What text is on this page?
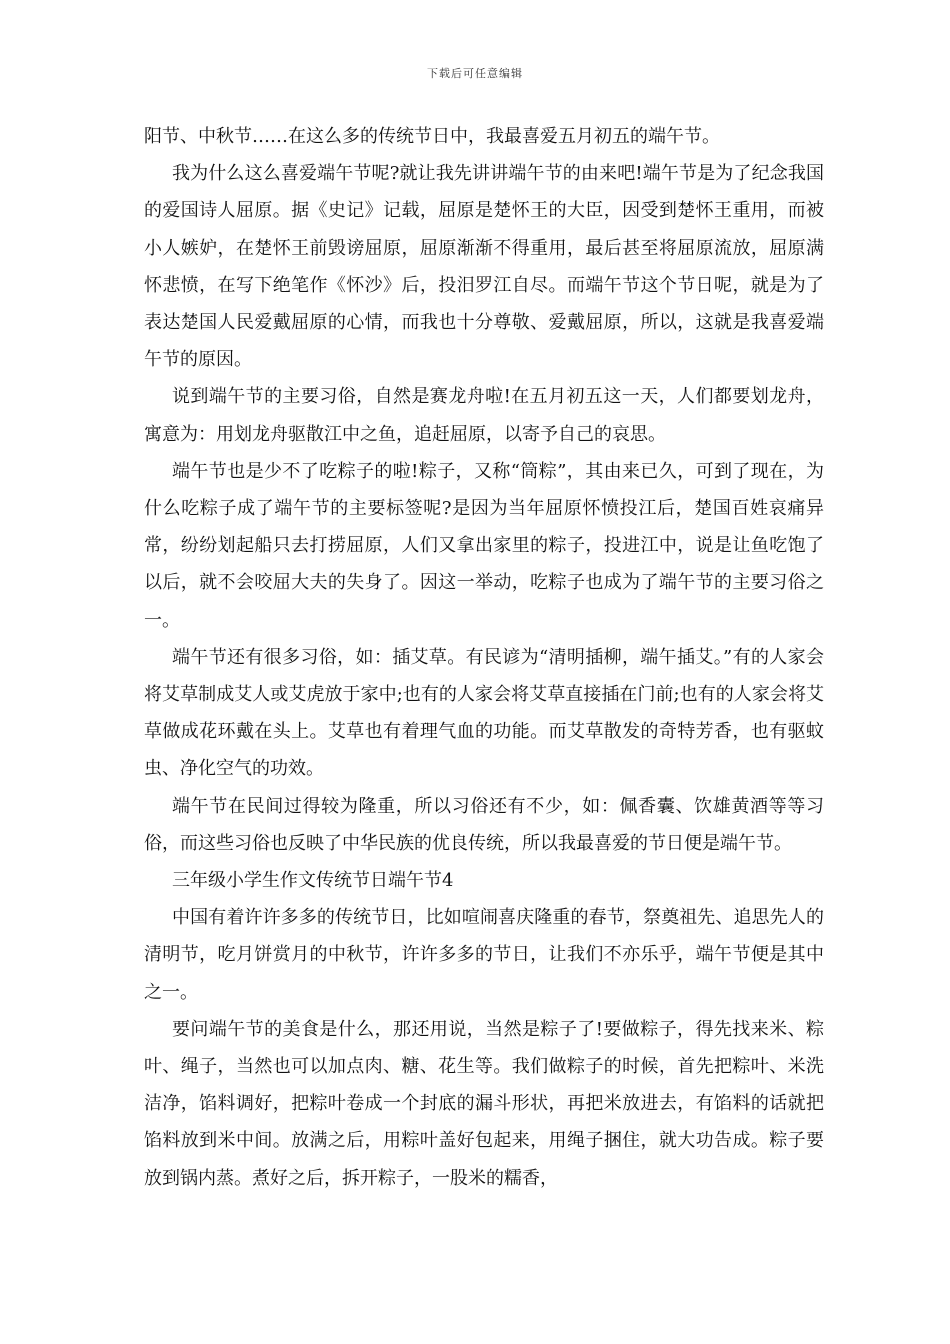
下载后可任意编辑

阳节、中秋节……在这么多的传统节日中，我最喜爱五月初五的端午节。

我为什么这么喜爱端午节呢?就让我先讲讲端午节的由来吧!端午节是为了纪念我国的爱国诗人屈原。据《史记》记载，屈原是楚怀王的大臣，因受到楚怀王重用，而被小人嫉妒，在楚怀王前毁谤屈原，屈原渐渐不得重用，最后甚至将屈原流放，屈原满怀悲愤，在写下绝笔作《怀沙》后，投汨罗江自尽。而端午节这个节日呢，就是为了表达楚国人民爱戴屈原的心情，而我也十分尊敬、爱戴屈原，所以，这就是我喜爱端午节的原因。

说到端午节的主要习俗，自然是赛龙舟啦!在五月初五这一天，人们都要划龙舟，寓意为：用划龙舟驱散江中之鱼，追赶屈原，以寄予自己的哀思。

端午节也是少不了吃粽子的啦!粽子，又称“筒粽”，其由来已久，可到了现在，为什么吃粽子成了端午节的主要标签呢?是因为当年屈原怀愤投江后，楚国百姓哀痛异常，纷纷划起船只去打捞屈原，人们又拿出家里的粽子，投进江中，说是让鱼吃饱了以后，就不会咬屈大夫的失身了。因这一举动，吃粽子也成为了端午节的主要习俗之一。

端午节还有很多习俗，如：插艾草。有民谚为“清明插柳，端午插艾。”有的人家会将艾草制成艾人或艾虎放于家中;也有的人家会将艾草直接插在门前;也有的人家会将艾草做成花环戴在头上。艾草也有着理气血的功能。而艾草散发的奇特芳香，也有驱蚊虫、净化空气的功效。

端午节在民间过得较为隆重，所以习俗还有不少，如：佩香囊、饮雄黄酒等等习俗，而这些习俗也反映了中华民族的优良传统，所以我最喜爱的节日便是端午节。

三年级小学生作文传统节日端午节4

中国有着许许多多的传统节日，比如喧闹喜庆隆重的春节，祭奠祖先、追思先人的清明节，吃月饼赏月的中秋节，许许多多的节日，让我们不亦乐乎，端午节便是其中之一。

要问端午节的美食是什么，那还用说，当然是粽子了!要做粽子，得先找来米、粽叶、绳子，当然也可以加点肉、糖、花生等。我们做粽子的时候，首先把粽叶、米洗洁净，馅料调好，把粽叶卷成一个封底的漏斗形状，再把米放进去，有馅料的话就把馅料放到米中间。放满之后，用粽叶盖好包起来，用绳子捆住，就大功告成。粽子要放到锅内蒸。煮好之后，拆开粽子，一股米的糯香，
